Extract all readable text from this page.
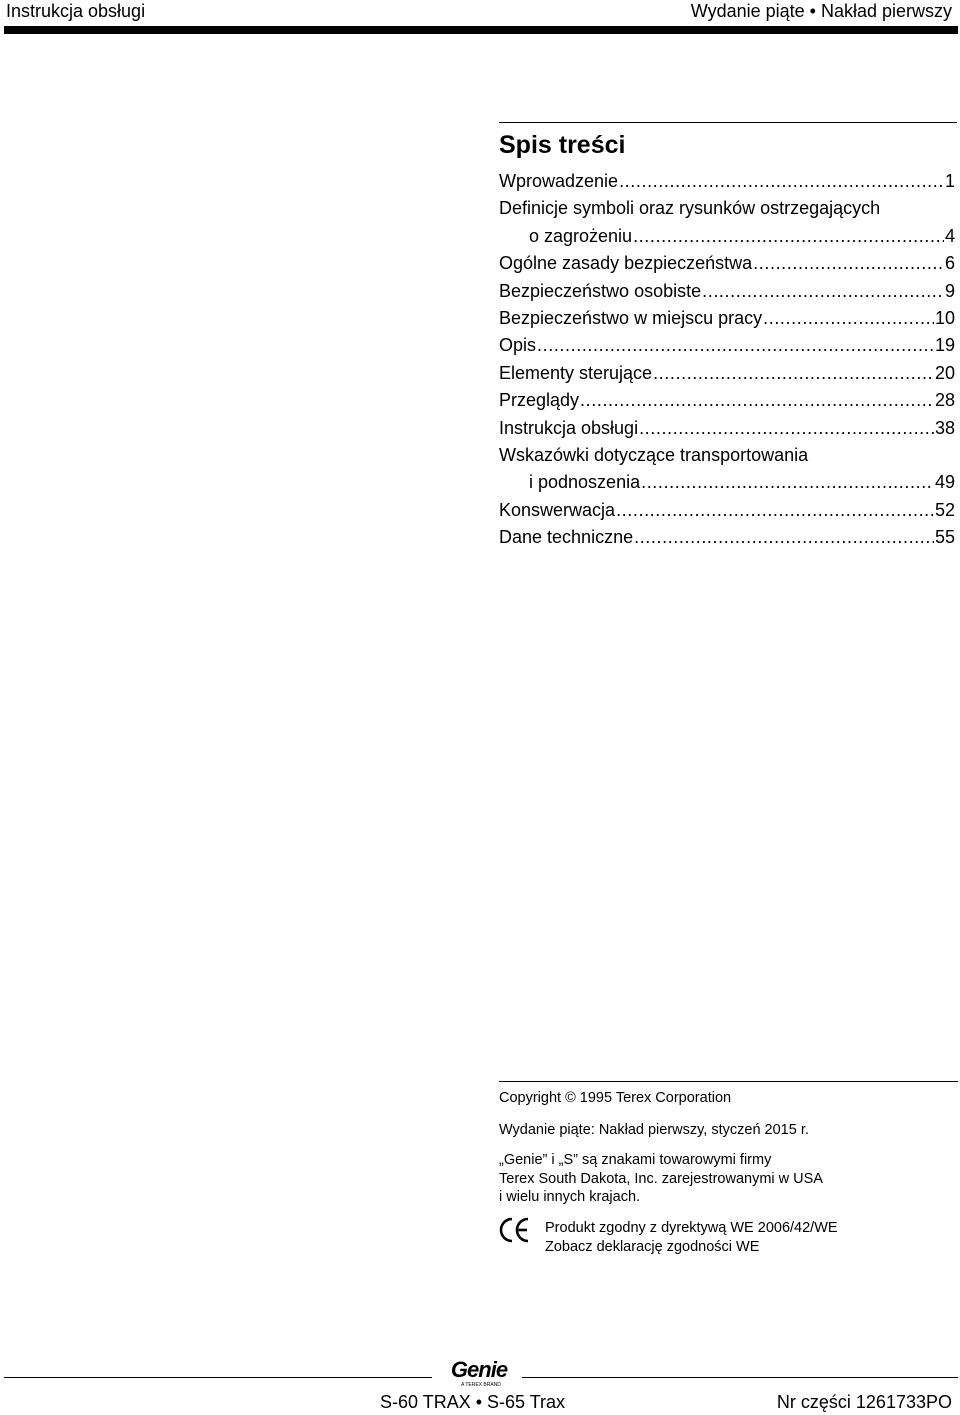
Instrukcja obsługi	Wydanie piąte • Nakład pierwszy
Spis treści
Wprowadzenie . . .	1
Definicje symboli oraz rysunków ostrzegających
o zagrożeniu . . .	4
Ogólne zasady bezpieczeństwa . . .	6
Bezpieczeństwo osobiste . . .	9
Bezpieczeństwo w miejscu pracy . . .	10
Opis . . .	19
Elementy sterujące . . .	20
Przeglądy . . .	28
Instrukcja obsługi . . .	38
Wskazówki dotyczące transportowania
i podnoszenia . . .	49
Konswerwacja . . .	52
Dane techniczne . . .	55
Copyright © 1995 Terex Corporation
Wydanie piąte: Nakład pierwszy, styczeń 2015 r.
„Genie” i „S” są znakami towarowymi firmy
Terex South Dakota, Inc. zarejestrowanymi w USA
i wielu innych krajach.
Produkt zgodny z dyrektywą WE 2006/42/WE
Zobacz deklarację zgodności WE
Genie
A TEREX BRAND
S-60 TRAX • S-65 Trax	Nr części 1261733PO
